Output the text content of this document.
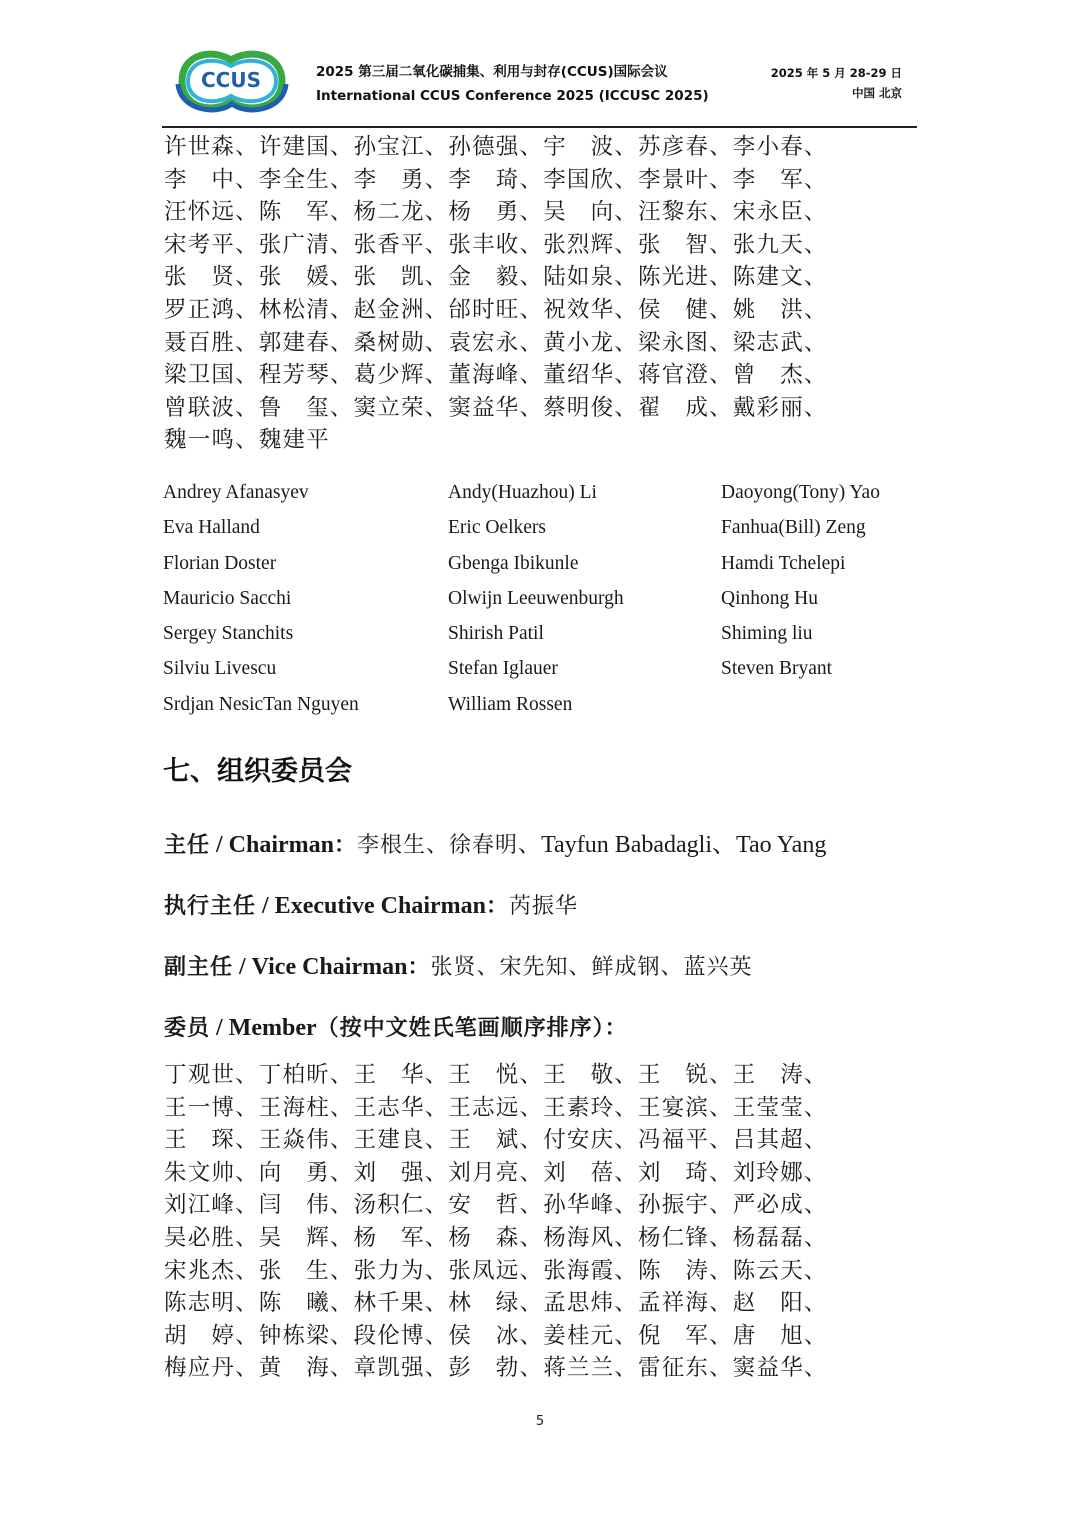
CCUS	2025 第三届二氧化碳捕集、利用与封存(CCUS)国际会议
International CCUS Conference 2025 (ICCUSC 2025)
2025 年 5 月 28-29 日
中国 北京
许世森、许建国、孙宝江、孙德强、宇　波、苏彦春、李小春、
李　中、李全生、李　勇、李　琦、李国欣、李景叶、李　军、
汪怀远、陈　军、杨二龙、杨　勇、吴　向、汪黎东、宋永臣、
宋考平、张广清、张香平、张丰收、张烈辉、张　智、张九天、
张　贤、张　媛、张　凯、金　毅、陆如泉、陈光进、陈建文、
罗正鸿、林松清、赵金洲、邰时旺、祝效华、侯　健、姚　洪、
聂百胜、郭建春、桑树勋、袁宏永、黄小龙、梁永图、梁志武、
梁卫国、程芳琴、葛少辉、董海峰、董绍华、蒋官澄、曾　杰、
曾联波、鲁　玺、窦立荣、窦益华、蔡明俊、翟　成、戴彩丽、
魏一鸣、魏建平
Andrey Afanasyev	Andy(Huazhou) Li	Daoyong(Tony) Yao
Eva Halland	Eric Oelkers	Fanhua(Bill) Zeng
Florian Doster	Gbenga Ibikunle	Hamdi Tchelepi
Mauricio Sacchi	Olwijn Leeuwenburgh	Qinhong Hu
Sergey Stanchits	Shirish Patil	Shiming liu
Silviu Livescu	Stefan Iglauer	Steven Bryant
Srdjan NesicTan Nguyen	William Rossen
七、组织委员会
主任 / Chairman：李根生、徐春明、Tayfun Babadagli、Tao Yang
执行主任 / Executive Chairman：芮振华
副主任 / Vice Chairman：张贤、宋先知、鲜成钢、蓝兴英
委员 / Member（按中文姓氏笔画顺序排序）：
丁观世、丁柏昕、王　华、王　悦、王　敬、王　锐、王　涛、
王一博、王海柱、王志华、王志远、王素玲、王宴滨、王莹莹、
王　琛、王焱伟、王建良、王　斌、付安庆、冯福平、吕其超、
朱文帅、向　勇、刘　强、刘月亮、刘　蓓、刘　琦、刘玲娜、
刘江峰、闫　伟、汤积仁、安　哲、孙华峰、孙振宇、严必成、
吴必胜、吴　辉、杨　军、杨　森、杨海风、杨仁锋、杨磊磊、
宋兆杰、张　生、张力为、张凤远、张海霞、陈　涛、陈云天、
陈志明、陈　曦、林千果、林　绿、孟思炜、孟祥海、赵　阳、
胡　婷、钟栋梁、段伦博、侯　冰、姜桂元、倪　军、唐　旭、
梅应丹、黄　海、章凯强、彭　勃、蒋兰兰、雷征东、窦益华、
5
